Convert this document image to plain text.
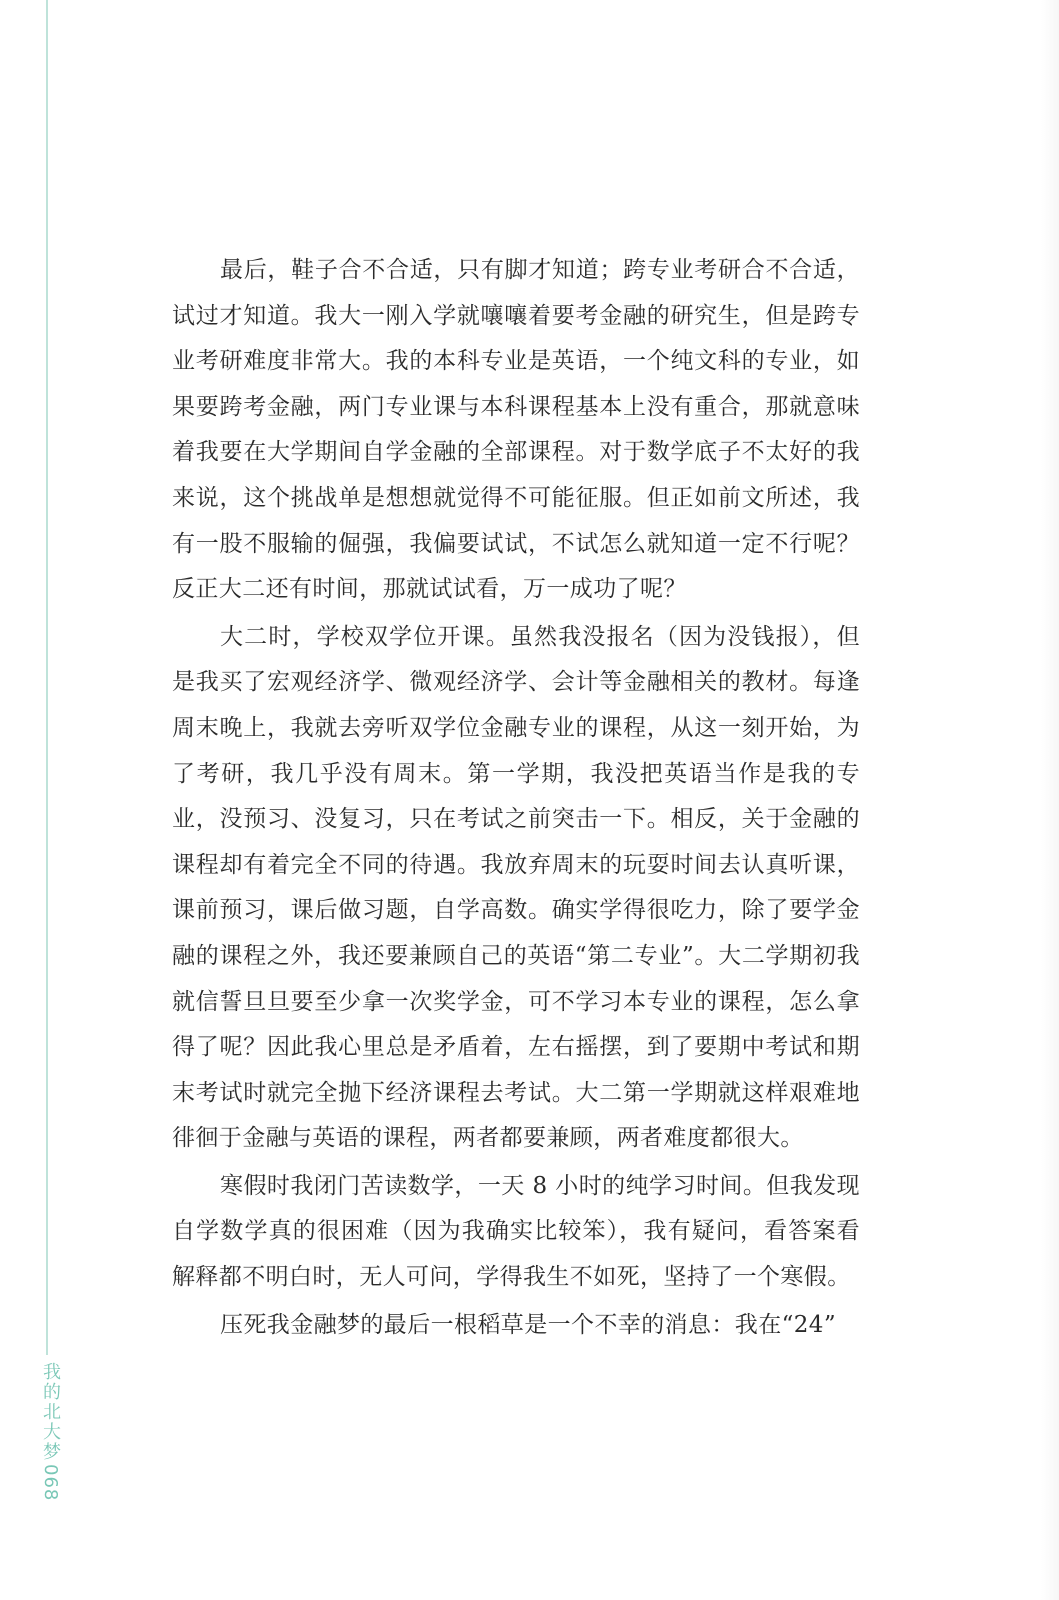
我的北大梦
068

最后，鞋子合不合适，只有脚才知道；跨专业考研合不合适，试过才知道。我大一刚入学就嚷嚷着要考金融的研究生，但是跨专业考研难度非常大。我的本科专业是英语，一个纯文科的专业，如果要跨考金融，两门专业课与本科课程基本上没有重合，那就意味着我要在大学期间自学金融的全部课程。对于数学底子不太好的我来说，这个挑战单是想想就觉得不可能征服。但正如前文所述，我有一股不服输的倔强，我偏要试试，不试怎么就知道一定不行呢？反正大二还有时间，那就试试看，万一成功了呢？

大二时，学校双学位开课。虽然我没报名（因为没钱报），但是我买了宏观经济学、微观经济学、会计等金融相关的教材。每逢周末晚上，我就去旁听双学位金融专业的课程，从这一刻开始，为了考研，我几乎没有周末。第一学期，我没把英语当作是我的专业，没预习、没复习，只在考试之前突击一下。相反，关于金融的课程却有着完全不同的待遇。我放弃周末的玩耍时间去认真听课，课前预习，课后做习题，自学高数。确实学得很吃力，除了要学金融的课程之外，我还要兼顾自己的英语“第二专业”。大二学期初我就信誓旦旦要至少拿一次奖学金，可不学习本专业的课程，怎么拿得了呢？因此我心里总是矛盾着，左右摇摆，到了要期中考试和期末考试时就完全抛下经济课程去考试。大二第一学期就这样艰难地徘徊于金融与英语的课程，两者都要兼顾，两者难度都很大。

寒假时我闭门苦读数学，一天 8 小时的纯学习时间。但我发现自学数学真的很困难（因为我确实比较笨），我有疑问，看答案看解释都不明白时，无人可问，学得我生不如死，坚持了一个寒假。

压死我金融梦的最后一根稻草是一个不幸的消息：我在“24”
